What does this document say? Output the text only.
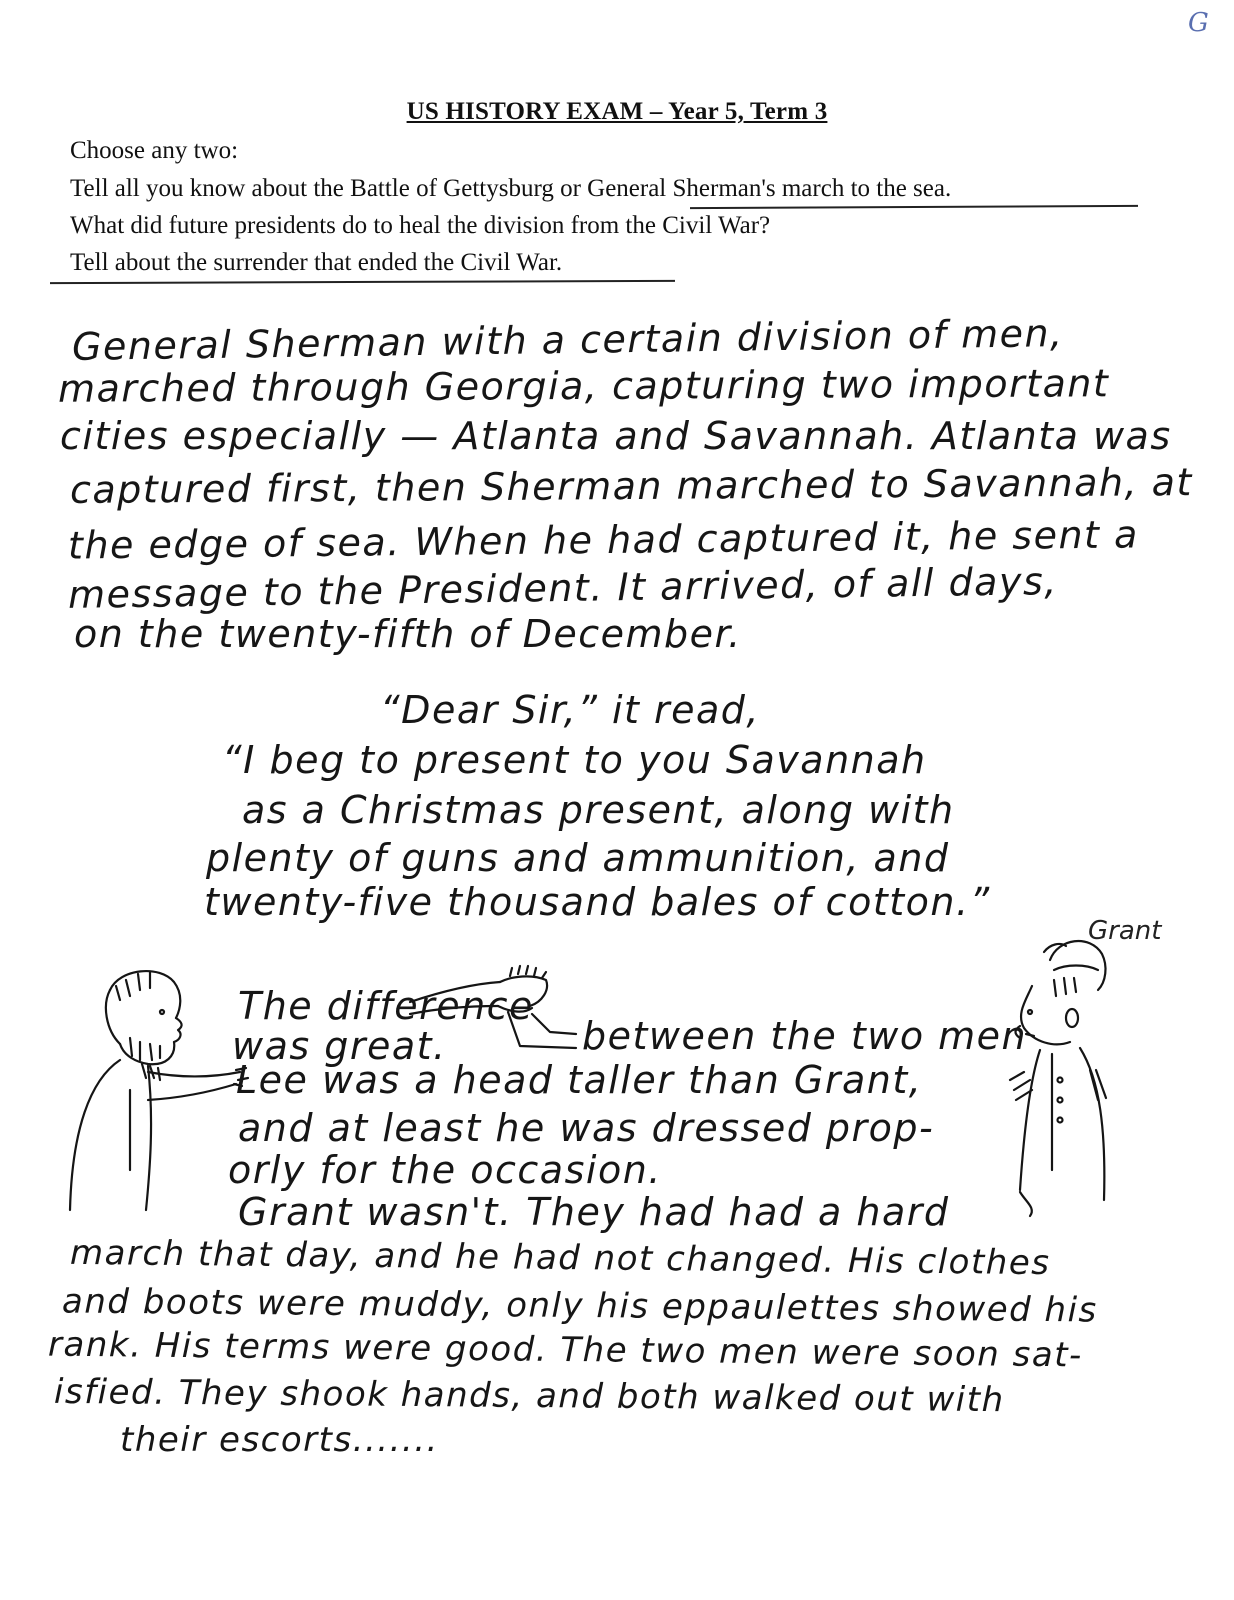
G
US HISTORY EXAM – Year 5, Term 3
Choose any two:
Tell all you know about the Battle of Gettysburg or General Sherman's march to the sea.
What did future presidents do to heal the division from the Civil War?
Tell about the surrender that ended the Civil War.
General Sherman with a certain division of men,
marched through Georgia, capturing two important
cities especially — Atlanta and Savannah. Atlanta was
captured first, then Sherman marched to Savannah, at
the edge of sea. When he had captured it, he sent a
message to the President. It arrived, of all days,
on the twenty-fifth of December.
“Dear Sir,” it read,
“I beg to present to you Savannah
as a Christmas present, along with
plenty of guns and ammunition, and
twenty-five thousand bales of cotton.”
Grant
The difference
between the two men
was great.
Lee was a head taller than Grant,
and at least he was dressed prop-
orly for the occasion.
Grant wasn't. They had had a hard
march that day, and he had not changed. His clothes
and boots were muddy, only his eppaulettes showed his
rank. His terms were good. The two men were soon sat-
isfied. They shook hands, and both walked out with
their escorts.......
